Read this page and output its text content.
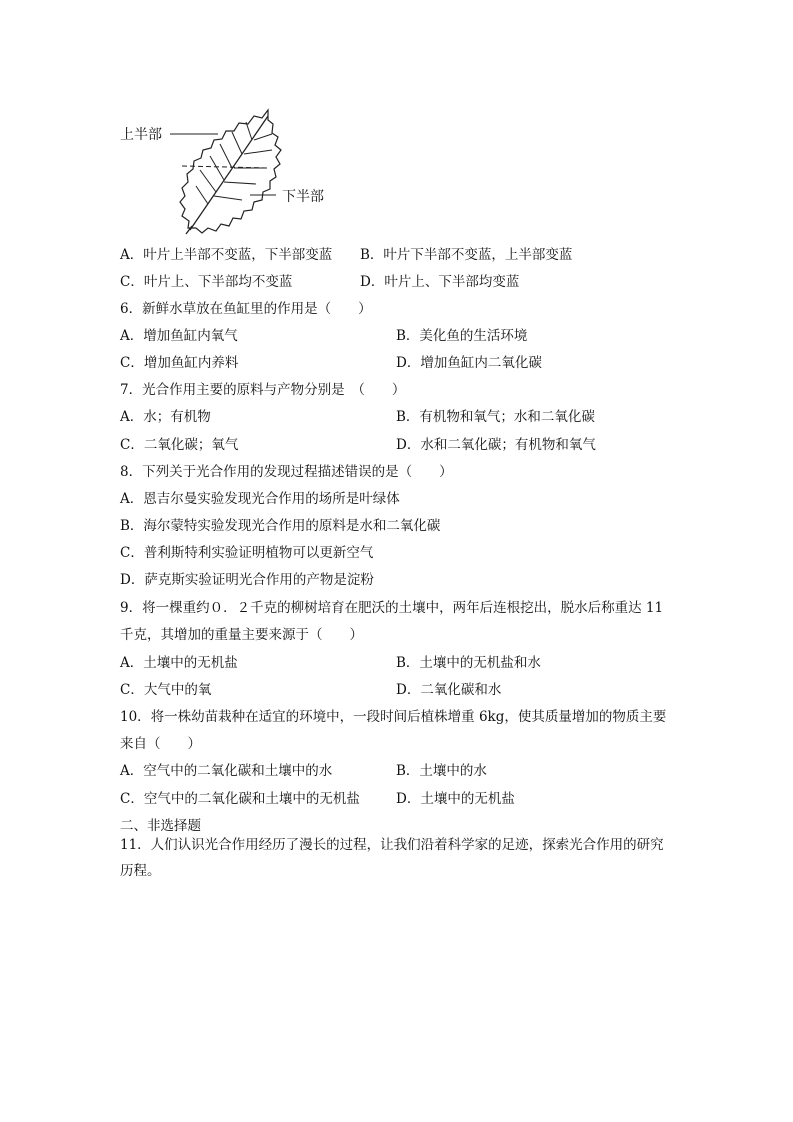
上半部
下半部
A．叶片上半部不变蓝，下半部变蓝 B．叶片下半部不变蓝，上半部变蓝
C．叶片上、下半部均不变蓝	D．叶片上、下半部均变蓝
6．新鲜水草放在鱼缸里的作用是（　　）
A．增加鱼缸内氧气	B．美化鱼的生活环境
C．增加鱼缸内养料	D．增加鱼缸内二氧化碳
7．光合作用主要的原料与产物分别是　（　　）
A．水；有机物	B．有机物和氧气；水和二氧化碳
C．二氧化碳；氧气	D．水和二氧化碳；有机物和氧气
8．下列关于光合作用的发现过程描述错误的是（　　）
A．恩吉尔曼实验发现光合作用的场所是叶绿体
B．海尔蒙特实验发现光合作用的原料是水和二氧化碳
C．普利斯特利实验证明植物可以更新空气
D．萨克斯实验证明光合作用的产物是淀粉
9．将一棵重约０．２千克的柳树培育在肥沃的土壤中，两年后连根挖出，脱水后称重达 11
千克，其增加的重量主要来源于（　　）
A．土壤中的无机盐	B．土壤中的无机盐和水
C．大气中的氧	D．二氧化碳和水
10．将一株幼苗栽种在适宜的环境中，一段时间后植株增重 6kg，使其质量增加的物质主要
来自（　　）
A．空气中的二氧化碳和土壤中的水	B．土壤中的水
C．空气中的二氧化碳和土壤中的无机盐	D．土壤中的无机盐
二、非选择题
11．人们认识光合作用经历了漫长的过程，让我们沿着科学家的足迹，探索光合作用的研究
历程。
